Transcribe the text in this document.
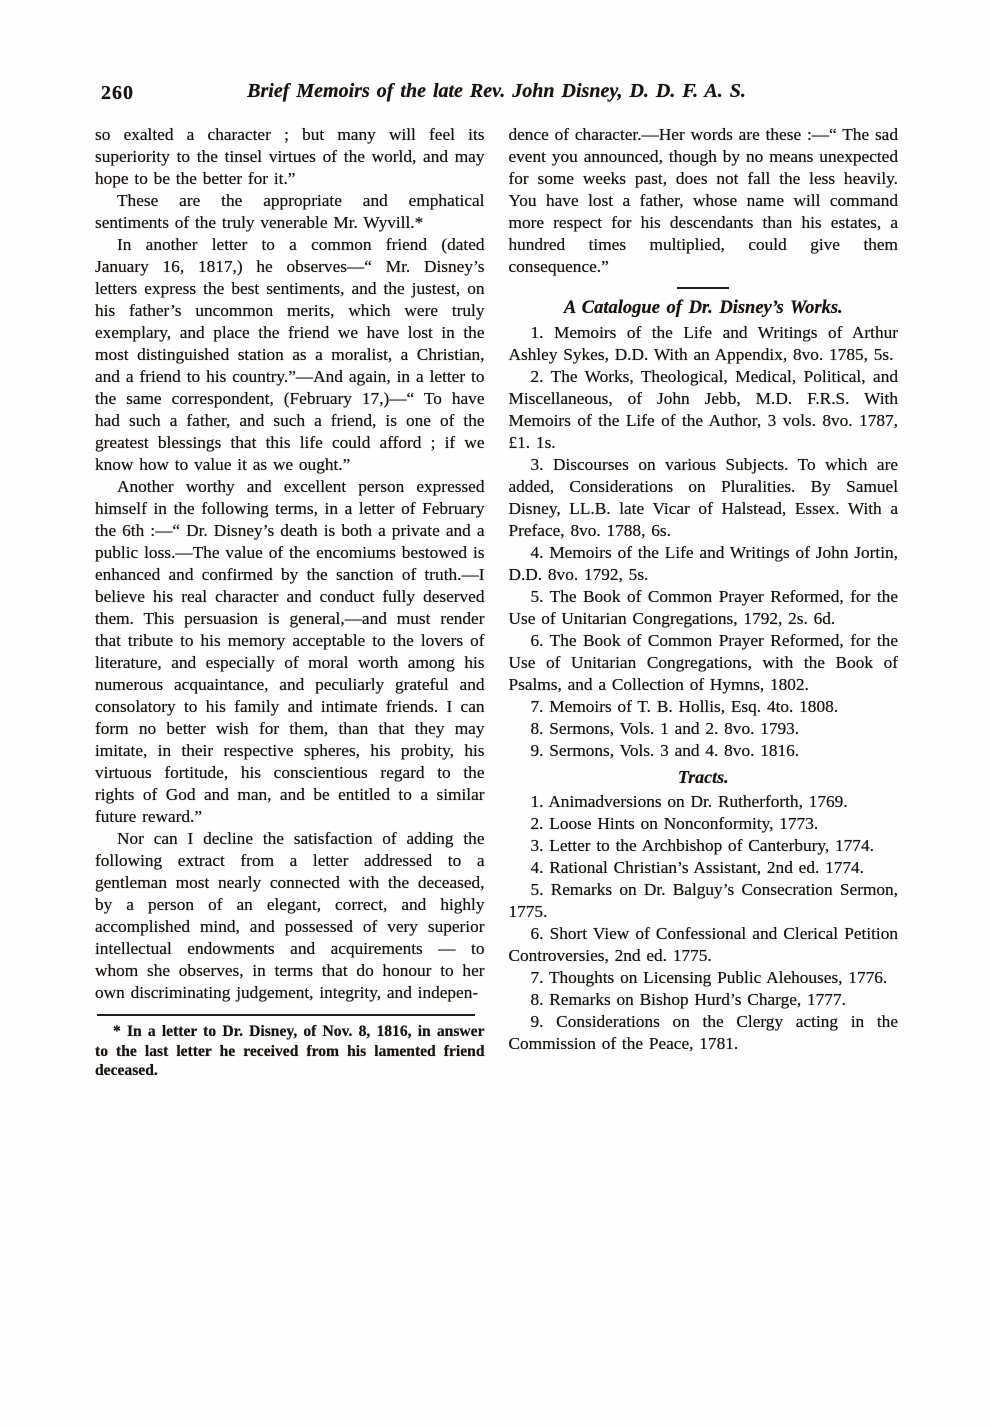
260	Brief Memoirs of the late Rev. John Disney, D. D. F. A. S.

so exalted a character ; but many will feel its superiority to the tinsel virtues of the world, and may hope to be the better for it.”

These are the appropriate and emphatical sentiments of the truly venerable Mr. Wyvill.*

In another letter to a common friend (dated January 16, 1817,) he observes—“ Mr. Disney’s letters express the best sentiments, and the justest, on his father’s uncommon merits, which were truly exemplary, and place the friend we have lost in the most distinguished station as a moralist, a Christian, and a friend to his country.”—And again, in a letter to the same correspondent, (February 17,)—“ To have had such a father, and such a friend, is one of the greatest blessings that this life could afford ; if we know how to value it as we ought.”

Another worthy and excellent person expressed himself in the following terms, in a letter of February the 6th :—“ Dr. Disney’s death is both a private and a public loss.—The value of the encomiums bestowed is enhanced and confirmed by the sanction of truth.—I believe his real character and conduct fully deserved them. This persuasion is general,—and must render that tribute to his memory acceptable to the lovers of literature, and especially of moral worth among his numerous acquaintance, and peculiarly grateful and consolatory to his family and intimate friends. I can form no better wish for them, than that they may imitate, in their respective spheres, his probity, his virtuous fortitude, his conscientious regard to the rights of God and man, and be entitled to a similar future reward.”

Nor can I decline the satisfaction of adding the following extract from a letter addressed to a gentleman most nearly connected with the deceased, by a person of an elegant, correct, and highly accomplished mind, and possessed of very superior intellectual endowments and acquirements — to whom she observes, in terms that do honour to her own discriminating judgement, integrity, and indepen-

* In a letter to Dr. Disney, of Nov. 8, 1816, in answer to the last letter he received from his lamented friend deceased.

dence of character.—Her words are these :—“ The sad event you announced, though by no means unexpected for some weeks past, does not fall the less heavily. You have lost a father, whose name will command more respect for his descendants than his estates, a hundred times multiplied, could give them consequence.”

A Catalogue of Dr. Disney’s Works.

1. Memoirs of the Life and Writings of Arthur Ashley Sykes, D.D. With an Appendix, 8vo. 1785, 5s.

2. The Works, Theological, Medical, Political, and Miscellaneous, of John Jebb, M.D. F.R.S. With Memoirs of the Life of the Author, 3 vols. 8vo. 1787, £1. 1s.

3. Discourses on various Subjects. To which are added, Considerations on Pluralities. By Samuel Disney, LL.B. late Vicar of Halstead, Essex. With a Preface, 8vo. 1788, 6s.

4. Memoirs of the Life and Writings of John Jortin, D.D. 8vo. 1792, 5s.

5. The Book of Common Prayer Reformed, for the Use of Unitarian Congregations, 1792, 2s. 6d.

6. The Book of Common Prayer Reformed, for the Use of Unitarian Congregations, with the Book of Psalms, and a Collection of Hymns, 1802.

7. Memoirs of T. B. Hollis, Esq. 4to. 1808.

8. Sermons, Vols. 1 and 2. 8vo. 1793.

9. Sermons, Vols. 3 and 4. 8vo. 1816.

Tracts.

1. Animadversions on Dr. Rutherforth, 1769.

2. Loose Hints on Nonconformity, 1773.

3. Letter to the Archbishop of Canterbury, 1774.

4. Rational Christian’s Assistant, 2nd ed. 1774.

5. Remarks on Dr. Balguy’s Consecration Sermon, 1775.

6. Short View of Confessional and Clerical Petition Controversies, 2nd ed. 1775.

7. Thoughts on Licensing Public Alehouses, 1776.

8. Remarks on Bishop Hurd’s Charge, 1777.

9. Considerations on the Clergy acting in the Commission of the Peace, 1781.
